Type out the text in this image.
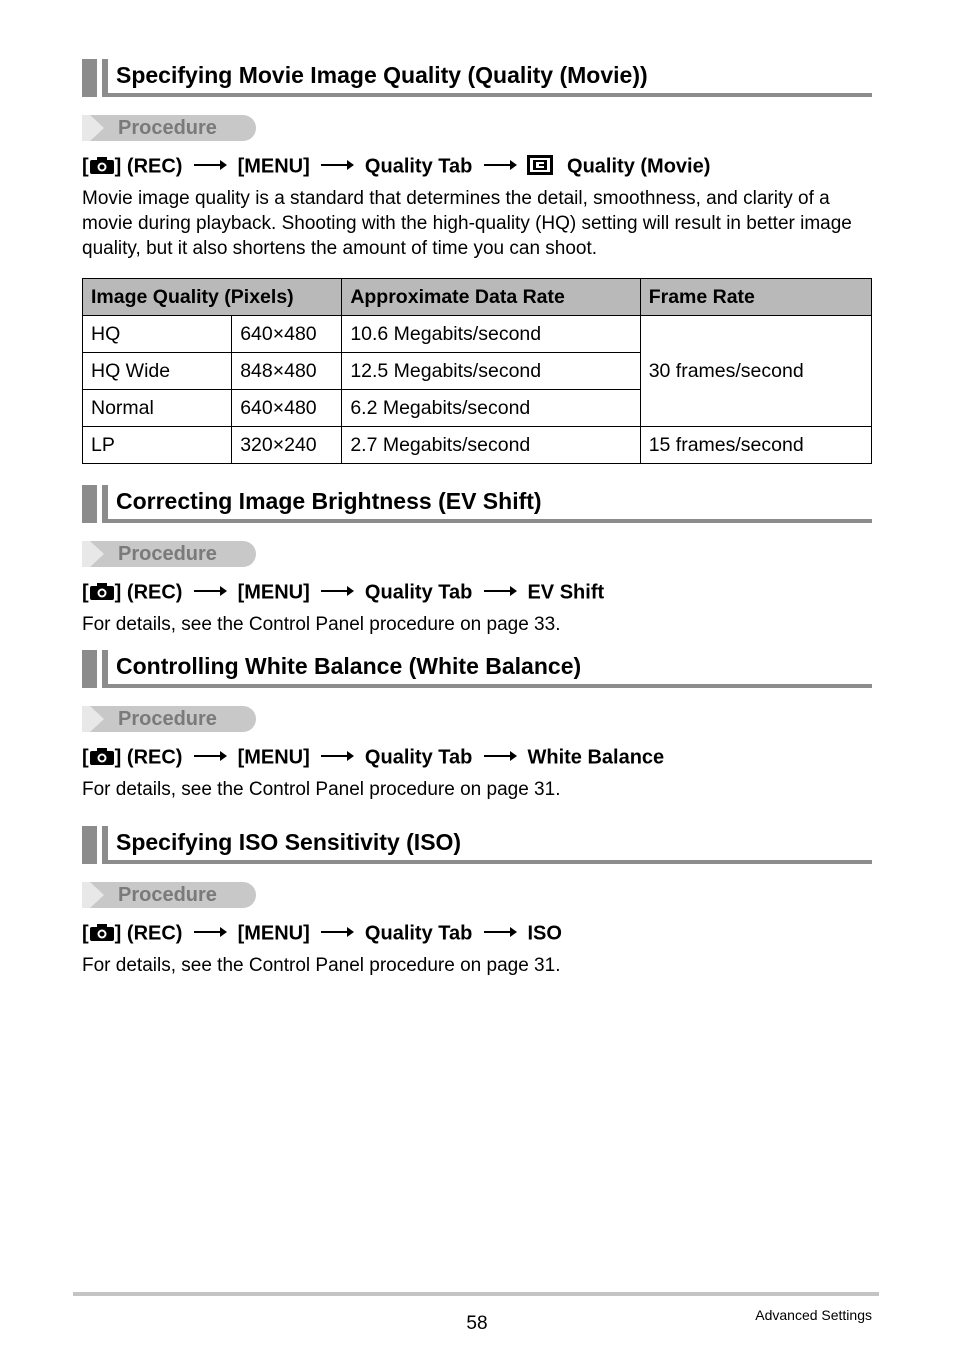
Specifying Movie Image Quality (Quality (Movie))
Procedure
[ ] (REC)	[MENU]	Quality Tab	Quality (Movie)
Movie image quality is a standard that determines the detail, smoothness, and clarity of a movie during playback. Shooting with the high-quality (HQ) setting will result in better image quality, but it also shortens the amount of time you can shoot.
Image Quality (Pixels)		Approximate Data Rate	Frame Rate
HQ	640×480	10.6 Megabits/second	30 frames/second
HQ Wide	848×480	12.5 Megabits/second	
Normal	640×480	6.2 Megabits/second	
LP	320×240	2.7 Megabits/second	15 frames/second
Correcting Image Brightness (EV Shift)
Procedure
[ ] (REC)	[MENU]	Quality Tab	EV Shift
For details, see the Control Panel procedure on page 33.
Controlling White Balance (White Balance)
Procedure
[ ] (REC)	[MENU]	Quality Tab	White Balance
For details, see the Control Panel procedure on page 31.
Specifying ISO Sensitivity (ISO)
Procedure
[ ] (REC)	[MENU]	Quality Tab	ISO
For details, see the Control Panel procedure on page 31.
58	Advanced Settings
